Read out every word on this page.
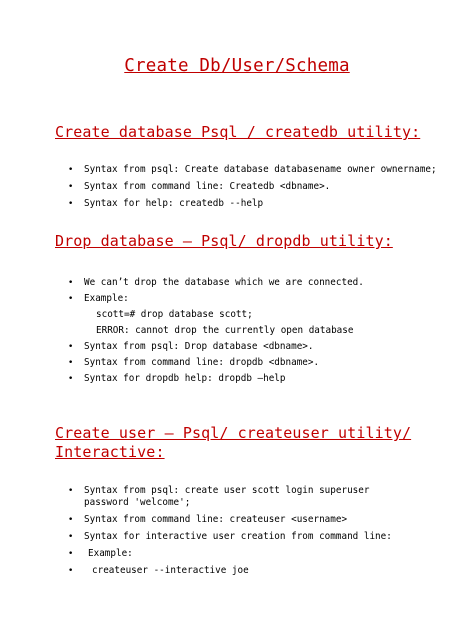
Create Db/User/Schema
Create database Psql / createdb utility:
• Syntax from psql: Create database databasename owner ownername;
• Syntax from command line: Createdb <dbname>.
• Syntax for help: createdb --help
Drop database – Psql/ dropdb utility:
• We can’t drop the database which we are connected.
• Example:
scott=# drop database scott;
ERROR: cannot drop the currently open database
• Syntax from psql: Drop database <dbname>.
• Syntax from command line: dropdb <dbname>.
• Syntax for dropdb help: dropdb –help
Create user – Psql/ createuser utility/
Interactive:
• Syntax from psql: create user scott login superuser password 'welcome';
• Syntax from command line: createuser <username>
• Syntax for interactive user creation from command line:
• Example:
• createuser --interactive joe
